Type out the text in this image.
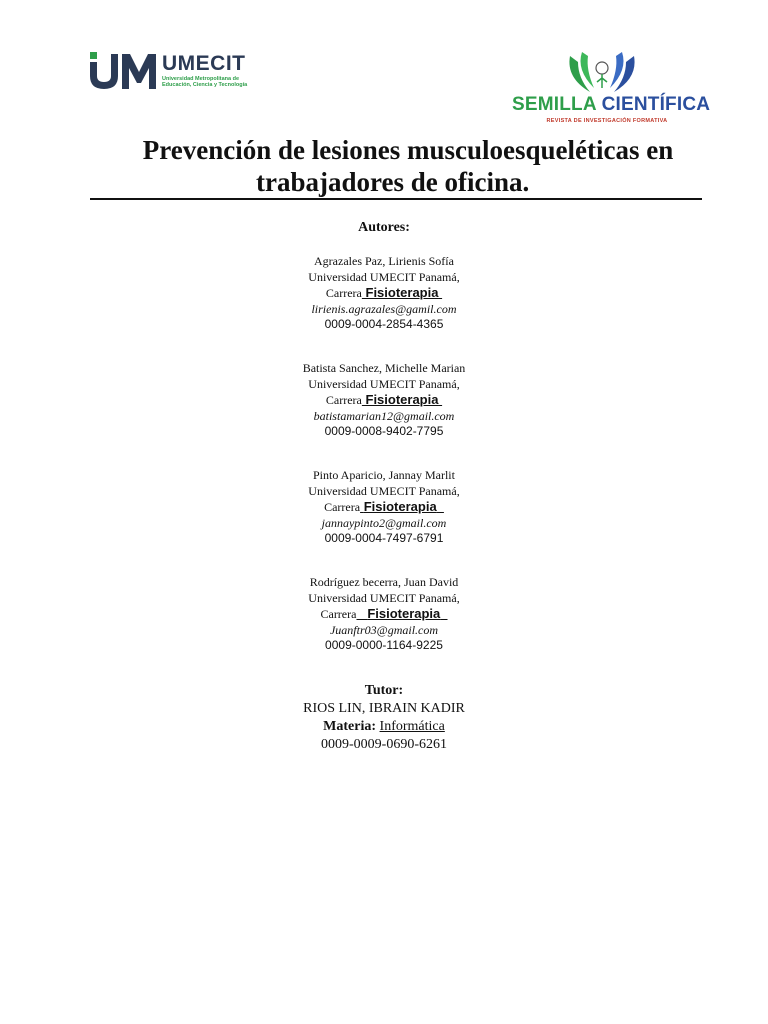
UMECIT
Universidad Metropolitana de Educación, Ciencia y Tecnología
SEMILLA CIENTÍFICA
REVISTA DE INVESTIGACIÓN FORMATIVA
Prevención de lesiones musculoesqueléticas en
trabajadores de oficina.
Autores:
Agrazales Paz, Lirienis Sofía
Universidad UMECIT Panamá,
Carrera Fisioterapia
lirienis.agrazales@gamil.com
0009-0004-2854-4365
Batista Sanchez, Michelle Marian
Universidad UMECIT Panamá,
Carrera Fisioterapia
batistamarian12@gmail.com
0009-0008-9402-7795
Pinto Aparicio, Jannay Marlit
Universidad UMECIT Panamá,
Carrera Fisioterapia
jannaypinto2@gmail.com
0009-0004-7497-6791
Rodríguez becerra, Juan David
Universidad UMECIT Panamá,
Carrera Fisioterapia
Juanftr03@gmail.com
0009-0000-1164-9225
Tutor:
RIOS LIN, IBRAIN KADIR
Materia: Informática
0009-0009-0690-6261
